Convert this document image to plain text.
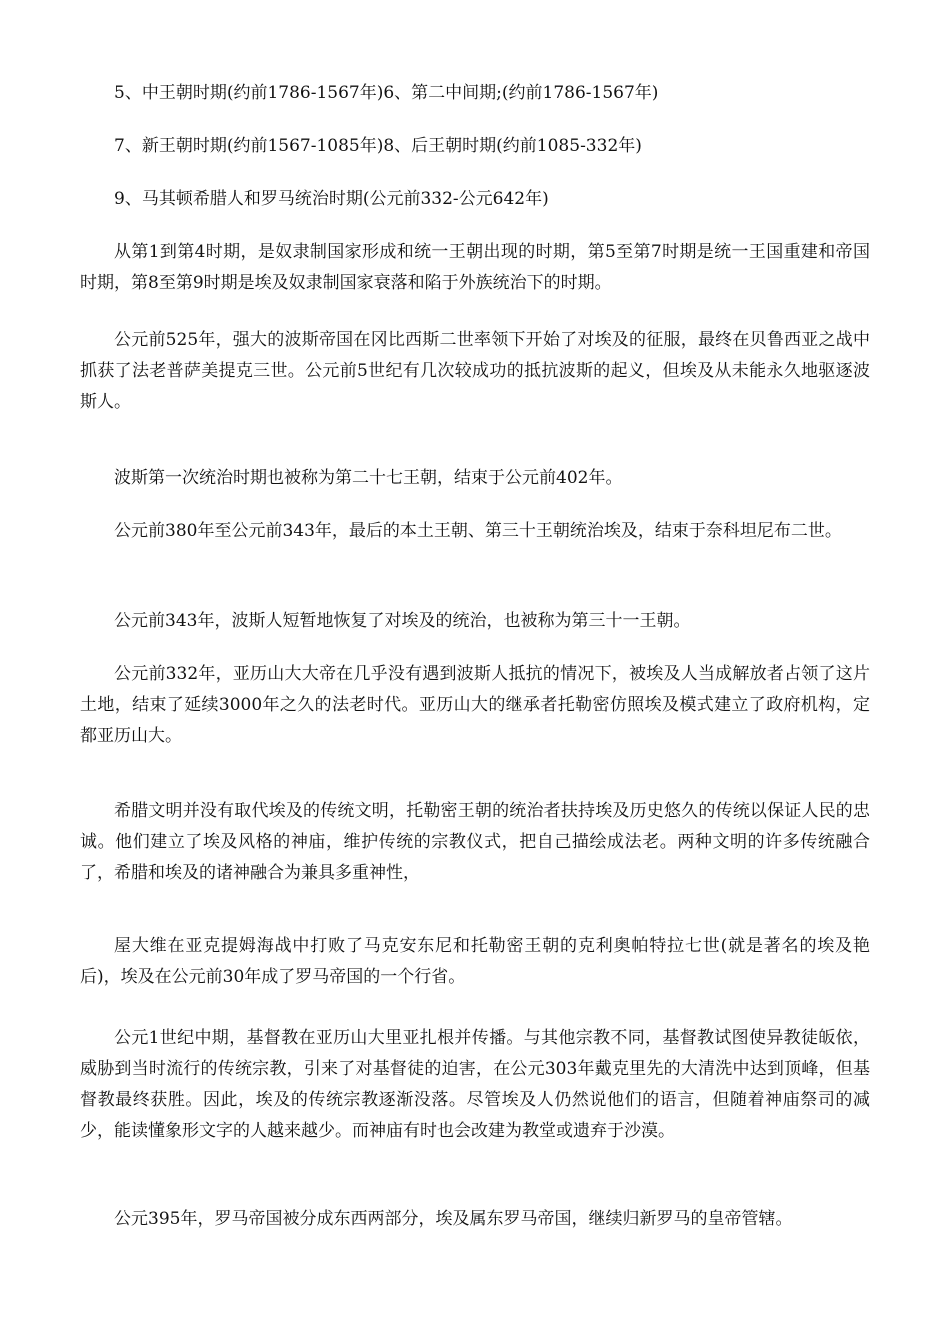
5、中王朝时期(约前1786-1567年)6、第二中间期;(约前1786-1567年)

7、新王朝时期(约前1567-1085年)8、后王朝时期(约前1085-332年)

9、马其顿希腊人和罗马统治时期(公元前332-公元642年)

从第1到第4时期，是奴隶制国家形成和统一王朝出现的时期，第5至第7时期是统一王国重建和帝国时期，第8至第9时期是埃及奴隶制国家衰落和陷于外族统治下的时期。

公元前525年，强大的波斯帝国在冈比西斯二世率领下开始了对埃及的征服，最终在贝鲁西亚之战中抓获了法老普萨美提克三世。公元前5世纪有几次较成功的抵抗波斯的起义，但埃及从未能永久地驱逐波斯人。

波斯第一次统治时期也被称为第二十七王朝，结束于公元前402年。

公元前380年至公元前343年，最后的本土王朝、第三十王朝统治埃及，结束于奈科坦尼布二世。

公元前343年，波斯人短暂地恢复了对埃及的统治，也被称为第三十一王朝。

公元前332年，亚历山大大帝在几乎没有遇到波斯人抵抗的情况下，被埃及人当成解放者占领了这片土地，结束了延续3000年之久的法老时代。亚历山大的继承者托勒密仿照埃及模式建立了政府机构，定都亚历山大。

希腊文明并没有取代埃及的传统文明，托勒密王朝的统治者扶持埃及历史悠久的传统以保证人民的忠诚。他们建立了埃及风格的神庙，维护传统的宗教仪式，把自己描绘成法老。两种文明的许多传统融合了，希腊和埃及的诸神融合为兼具多重神性，

屋大维在亚克提姆海战中打败了马克安东尼和托勒密王朝的克利奥帕特拉七世(就是著名的埃及艳后)，埃及在公元前30年成了罗马帝国的一个行省。

公元1世纪中期，基督教在亚历山大里亚扎根并传播。与其他宗教不同，基督教试图使异教徒皈依，威胁到当时流行的传统宗教，引来了对基督徒的迫害，在公元303年戴克里先的大清洗中达到顶峰，但基督教最终获胜。因此，埃及的传统宗教逐渐没落。尽管埃及人仍然说他们的语言，但随着神庙祭司的减少，能读懂象形文字的人越来越少。而神庙有时也会改建为教堂或遗弃于沙漠。

公元395年，罗马帝国被分成东西两部分，埃及属东罗马帝国，继续归新罗马的皇帝管辖。
